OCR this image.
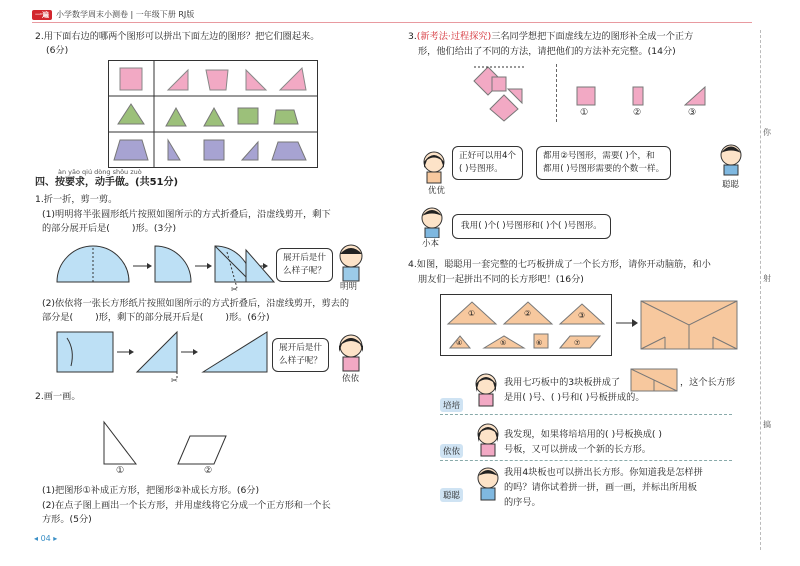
一遍 小学数学周末小测卷 | 一年级下册 RJ版
2.用下面右边的哪两个图形可以拼出下面左边的图形？把它们圈起来。
(6分)
àn yāo qiú dòng shǒu zuò
四、按要求，动手做。(共51分)
1.折一折，剪一剪。
(1)明明将半张圆形纸片按照如图所示的方式折叠后，沿虚线剪开，剩下
的部分展开后是( )形。(3分)
✂
展开后是什
么样子呢？
明明
(2)依依将一张长方形纸片按照如图所示的方式折叠后，沿虚线剪开，剪去的
部分是( )形，剩下的部分展开后是( )形。(6分)
✂
展开后是什
么样子呢？
依依
2.画一画。
①	②
(1)把图形①补成正方形，把图形②补成长方形。(6分)
(2)在点子图上画出一个长方形，并用虚线将它分成一个正方形和一个长
方形。(5分)
◂ 04 ▸
3.(新考法·过程探究)三名同学想把下面虚线左边的图形补全成一个正方
形，他们给出了不同的方法，请把他们的方法补充完整。(14分)
①	②	③
优优
正好可以用4个
( )号图形。
都用②号图形，需要( )个，和
都用( )号图形需要的个数一样。
聪聪
小本
我用( )个( )号图形和( )个( )号图形。
4.如图，聪聪用一套完整的七巧板拼成了一个长方形，请你开动脑筋，和小
朋友们一起拼出不同的长方形吧！(16分)
①	②	③
④	⑤	⑥	⑦
培培
我用七巧板中的3块板拼成了	，这个长方形
是用( )号、( )号和( )号板拼成的。
依依
我发现，如果将培培用的( )号板换成( )
号板，又可以拼成一个新的长方形。
聪聪
我用4块板也可以拼出长方形。你知道我是怎样拼
的吗？请你试着拼一拼，画一画，并标出所用板
的序号。
你
射
搞
